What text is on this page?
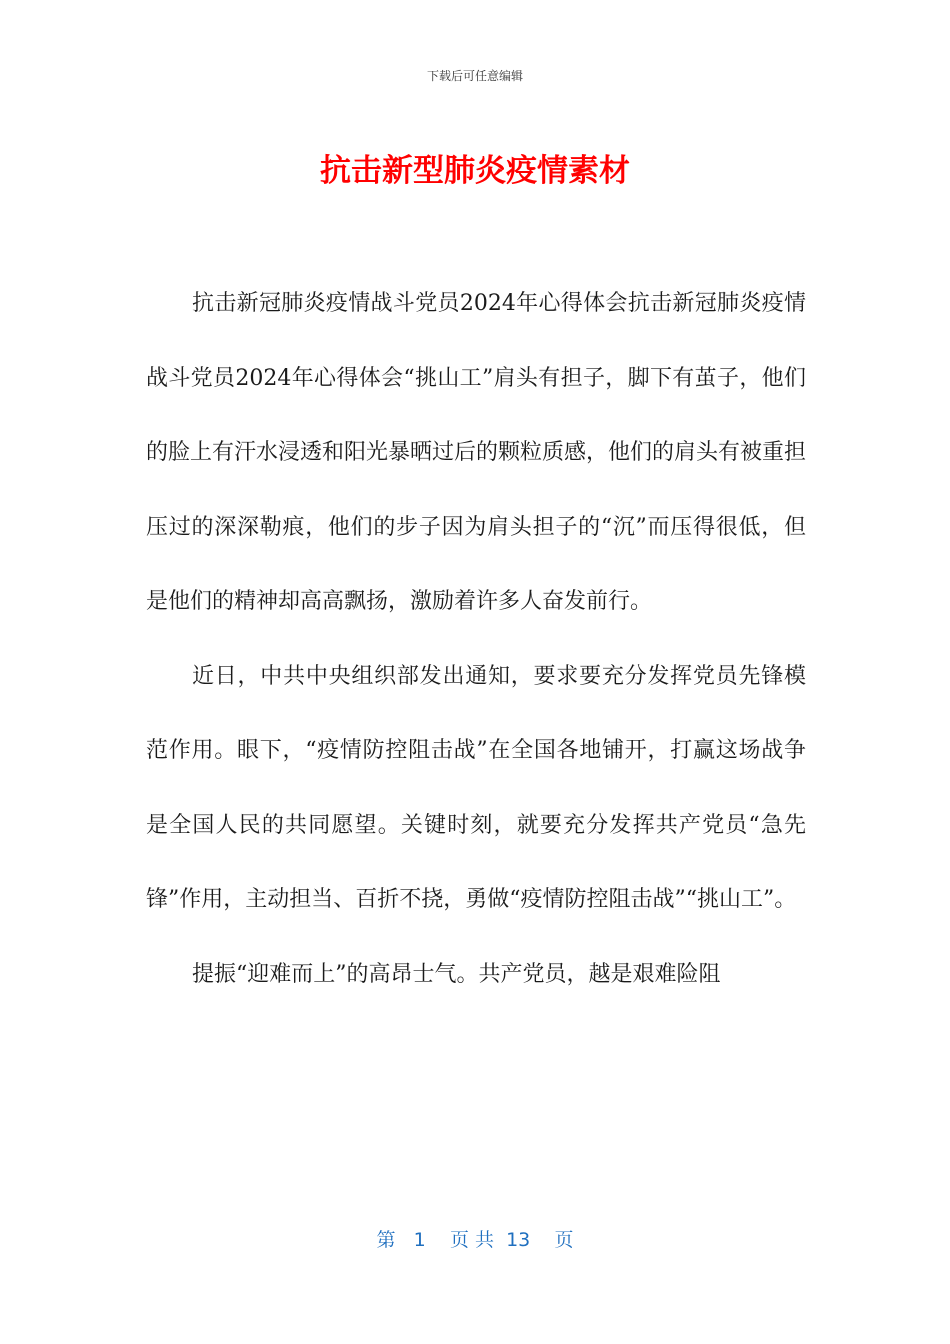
下载后可任意编辑
抗击新型肺炎疫情素材

抗击新冠肺炎疫情战斗党员2024年心得体会抗击新冠肺炎疫情战斗党员2024年心得体会“挑山工”肩头有担子，脚下有茧子，他们的脸上有汗水浸透和阳光暴晒过后的颗粒质感，他们的肩头有被重担压过的深深勒痕，他们的步子因为肩头担子的“沉”而压得很低，但是他们的精神却高高飘扬，激励着许多人奋发前行。

近日，中共中央组织部发出通知，要求要充分发挥党员先锋模范作用。眼下，“疫情防控阻击战”在全国各地铺开，打赢这场战争是全国人民的共同愿望。关键时刻，就要充分发挥共产党员“急先锋”作用，主动担当、百折不挠，勇做“疫情防控阻击战”“挑山工”。

提振“迎难而上”的高昂士气。共产党员，越是艰难险阻

第 1 页 共 13 页
